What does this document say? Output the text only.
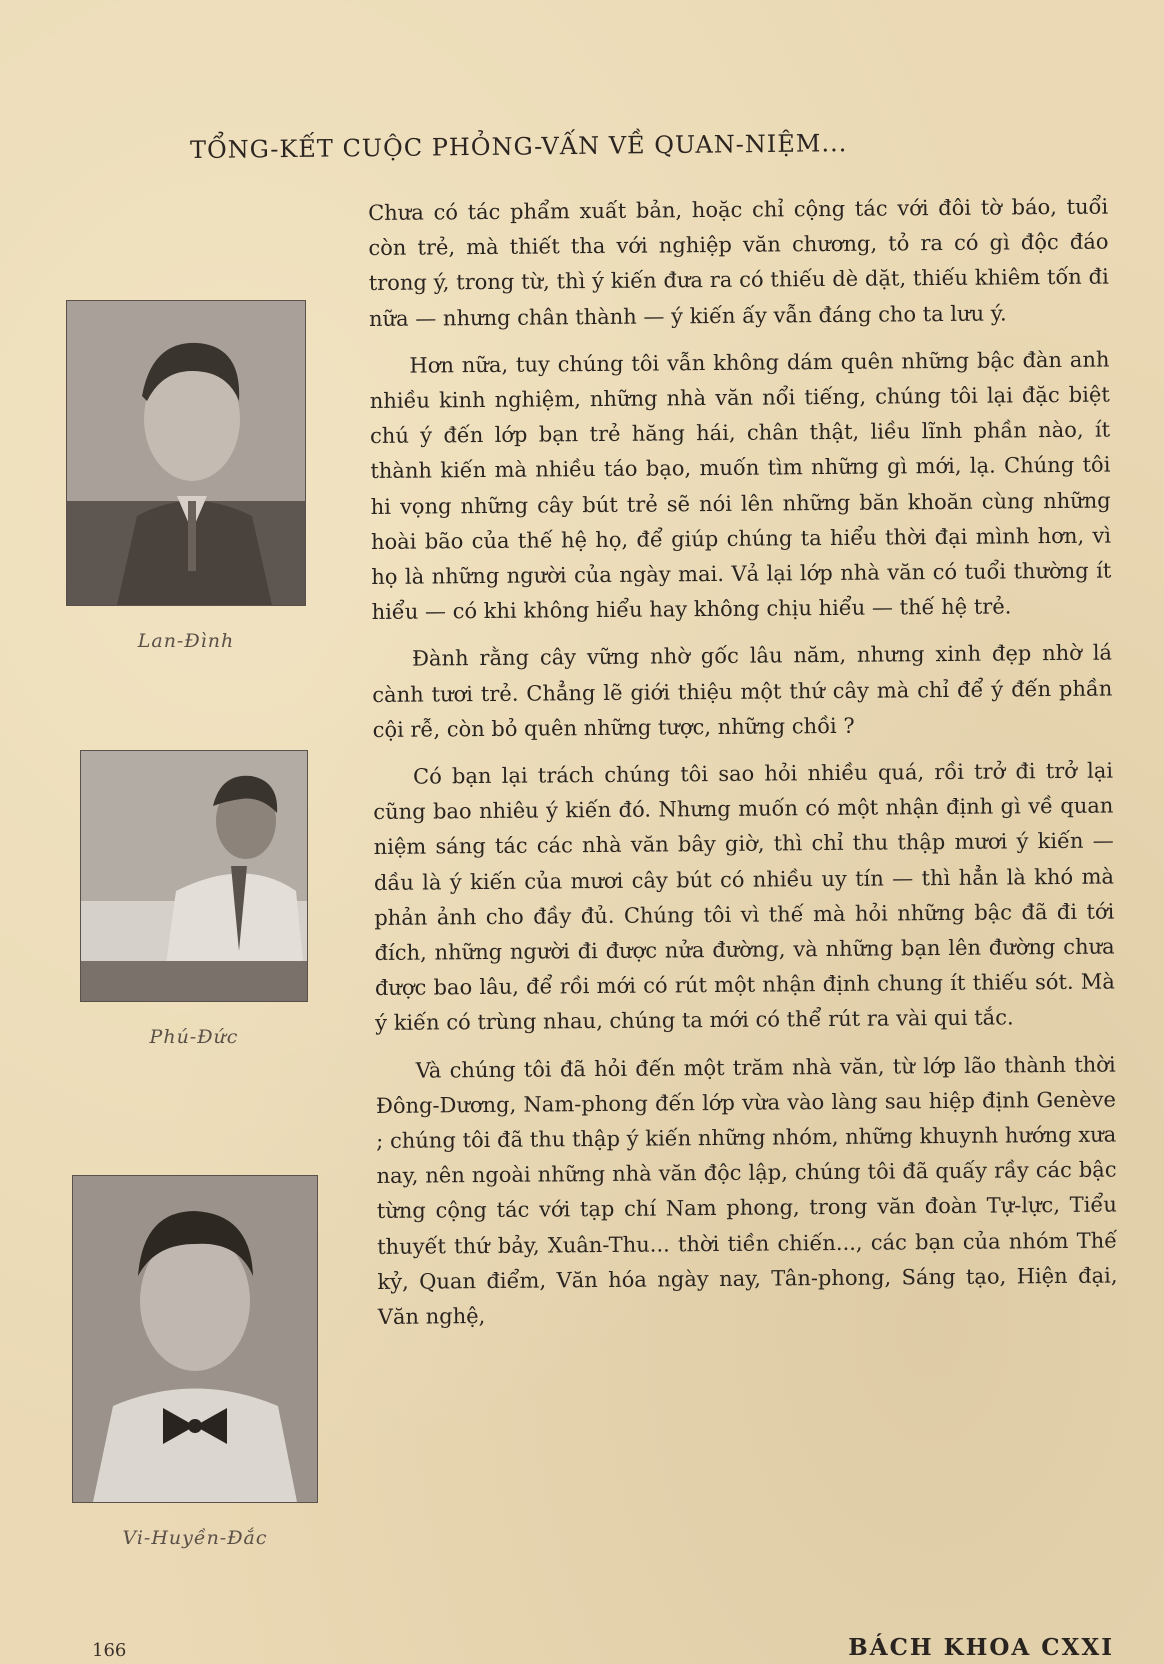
TỔNG-KẾT CUỘC PHỎNG-VẤN VỀ QUAN-NIỆM...
Lan-Đình
Phú-Đức
Vi-Huyền-Đắc

Chưa có tác phẩm xuất bản, hoặc chỉ cộng tác với đôi tờ báo, tuổi còn trẻ, mà thiết tha với nghiệp văn chương, tỏ ra có gì độc đáo trong ý, trong từ, thì ý kiến đưa ra có thiếu dè dặt, thiếu khiêm tốn đi nữa — nhưng chân thành — ý kiến ấy vẫn đáng cho ta lưu ý.

Hơn nữa, tuy chúng tôi vẫn không dám quên những bậc đàn anh nhiều kinh nghiệm, những nhà văn nổi tiếng, chúng tôi lại đặc biệt chú ý đến lớp bạn trẻ hăng hái, chân thật, liều lĩnh phần nào, ít thành kiến mà nhiều táo bạo, muốn tìm những gì mới, lạ. Chúng tôi hi vọng những cây bút trẻ sẽ nói lên những băn khoăn cùng những hoài bão của thế hệ họ, để giúp chúng ta hiểu thời đại mình hơn, vì họ là những người của ngày mai. Vả lại lớp nhà văn có tuổi thường ít hiểu — có khi không hiểu hay không chịu hiểu — thế hệ trẻ.

Đành rằng cây vững nhờ gốc lâu năm, nhưng xinh đẹp nhờ lá cành tươi trẻ. Chẳng lẽ giới thiệu một thứ cây mà chỉ để ý đến phần cội rễ, còn bỏ quên những tược, những chồi ?

Có bạn lại trách chúng tôi sao hỏi nhiều quá, rồi trở đi trở lại cũng bao nhiêu ý kiến đó. Nhưng muốn có một nhận định gì về quan niệm sáng tác các nhà văn bây giờ, thì chỉ thu thập mươi ý kiến — dầu là ý kiến của mươi cây bút có nhiều uy tín — thì hẳn là khó mà phản ảnh cho đầy đủ. Chúng tôi vì thế mà hỏi những bậc đã đi tới đích, những người đi được nửa đường, và những bạn lên đường chưa được bao lâu, để rồi mới có rút một nhận định chung ít thiếu sót. Mà ý kiến có trùng nhau, chúng ta mới có thể rút ra vài qui tắc.

Và chúng tôi đã hỏi đến một trăm nhà văn, từ lớp lão thành thời Đông-Dương, Nam-phong đến lớp vừa vào làng sau hiệp định Genève ; chúng tôi đã thu thập ý kiến những nhóm, những khuynh hướng xưa nay, nên ngoài những nhà văn độc lập, chúng tôi đã quấy rầy các bậc từng cộng tác với tạp chí Nam phong, trong văn đoàn Tự-lực, Tiểu thuyết thứ bảy, Xuân-Thu... thời tiền chiến..., các bạn của nhóm Thế kỷ, Quan điểm, Văn hóa ngày nay, Tân-phong, Sáng tạo, Hiện đại, Văn nghệ,

166	BÁCH KHOA CXXI
